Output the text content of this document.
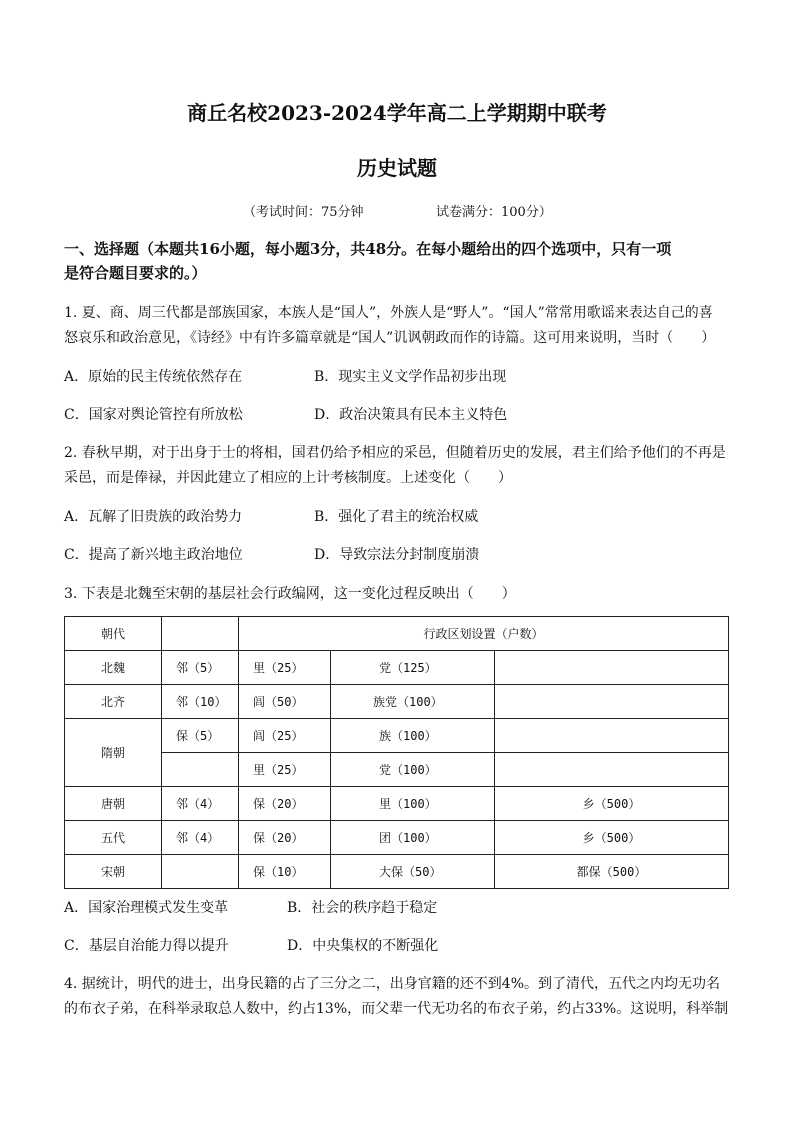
商丘名校2023-2024学年高二上学期期中联考
历史试题
（考试时间：75分钟	试卷满分：100分）
一、选择题（本题共16小题，每小题3分，共48分。在每小题给出的四个选项中，只有一项
是符合题目要求的。）
1. 夏、商、周三代都是部族国家，本族人是“国人”，外族人是“野人”。“国人”常常用歌谣来表达自己的喜
怒哀乐和政治意见，《诗经》中有许多篇章就是“国人”讥讽朝政而作的诗篇。这可用来说明，当时（　　）
A．原始的民主传统依然存在	B．现实主义文学作品初步出现
C．国家对舆论管控有所放松	D．政治决策具有民本主义特色
2. 春秋早期，对于出身于士的将相，国君仍给予相应的采邑，但随着历史的发展，君主们给予他们的不再是
采邑，而是俸禄，并因此建立了相应的上计考核制度。上述变化（　　）
A．瓦解了旧贵族的政治势力	B．强化了君主的统治权威
C．提高了新兴地主政治地位	D．导致宗法分封制度崩溃
3. 下表是北魏至宋朝的基层社会行政编网，这一变化过程反映出（　　）
朝代		行政区划设置（户数）		
北魏	邻（5）	里（25）	党（125）	
北齐	邻（10）	闾（50）	族党（100）	
隋朝	保（5）	闾（25）	族（100）	
		里（25）	党（100）	
唐朝	邻（4）	保（20）	里（100）	乡（500）
五代	邻（4）	保（20）	团（100）	乡（500）
宋朝		保（10）	大保（50）	都保（500）
A．国家治理模式发生变革	B．社会的秩序趋于稳定
C．基层自治能力得以提升	D．中央集权的不断强化
4. 据统计，明代的进士，出身民籍的占了三分之二，出身官籍的还不到4%。到了清代，五代之内均无功名
的布衣子弟，在科举录取总人数中，约占13%，而父辈一代无功名的布衣子弟，约占33%。这说明，科举制
